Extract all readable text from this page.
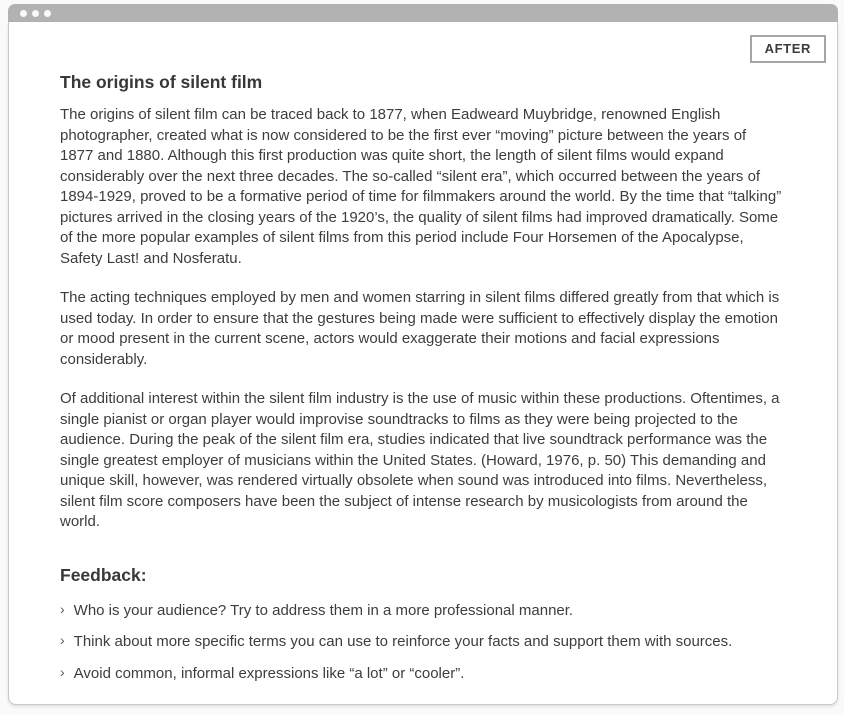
AFTER
The origins of silent film

The origins of silent film can be traced back to 1877, when Eadweard Muybridge, renowned English photographer, created what is now considered to be the first ever “moving” picture between the years of 1877 and 1880. Although this first production was quite short, the length of silent films would expand considerably over the next three decades. The so-called “silent era”, which occurred between the years of 1894-1929, proved to be a formative period of time for filmmakers around the world. By the time that “talking” pictures arrived in the closing years of the 1920’s, the quality of silent films had improved dramatically. Some of the more popular examples of silent films from this period include Four Horsemen of the Apocalypse, Safety Last! and Nosferatu.

The acting techniques employed by men and women starring in silent films differed greatly from that which is used today. In order to ensure that the gestures being made were sufficient to effectively display the emotion or mood present in the current scene, actors would exaggerate their motions and facial expressions considerably.

Of additional interest within the silent film industry is the use of music within these productions. Oftentimes, a single pianist or organ player would improvise soundtracks to films as they were being projected to the audience. During the peak of the silent film era, studies indicated that live soundtrack performance was the single greatest employer of musicians within the United States. (Howard, 1976, p. 50) This demanding and unique skill, however, was rendered virtually obsolete when sound was introduced into films. Nevertheless, silent film score composers have been the subject of intense research by musicologists from around the world.

Feedback:
› Who is your audience? Try to address them in a more professional manner.
› Think about more specific terms you can use to reinforce your facts and support them with sources.
› Avoid common, informal expressions like “a lot” or “cooler”.
